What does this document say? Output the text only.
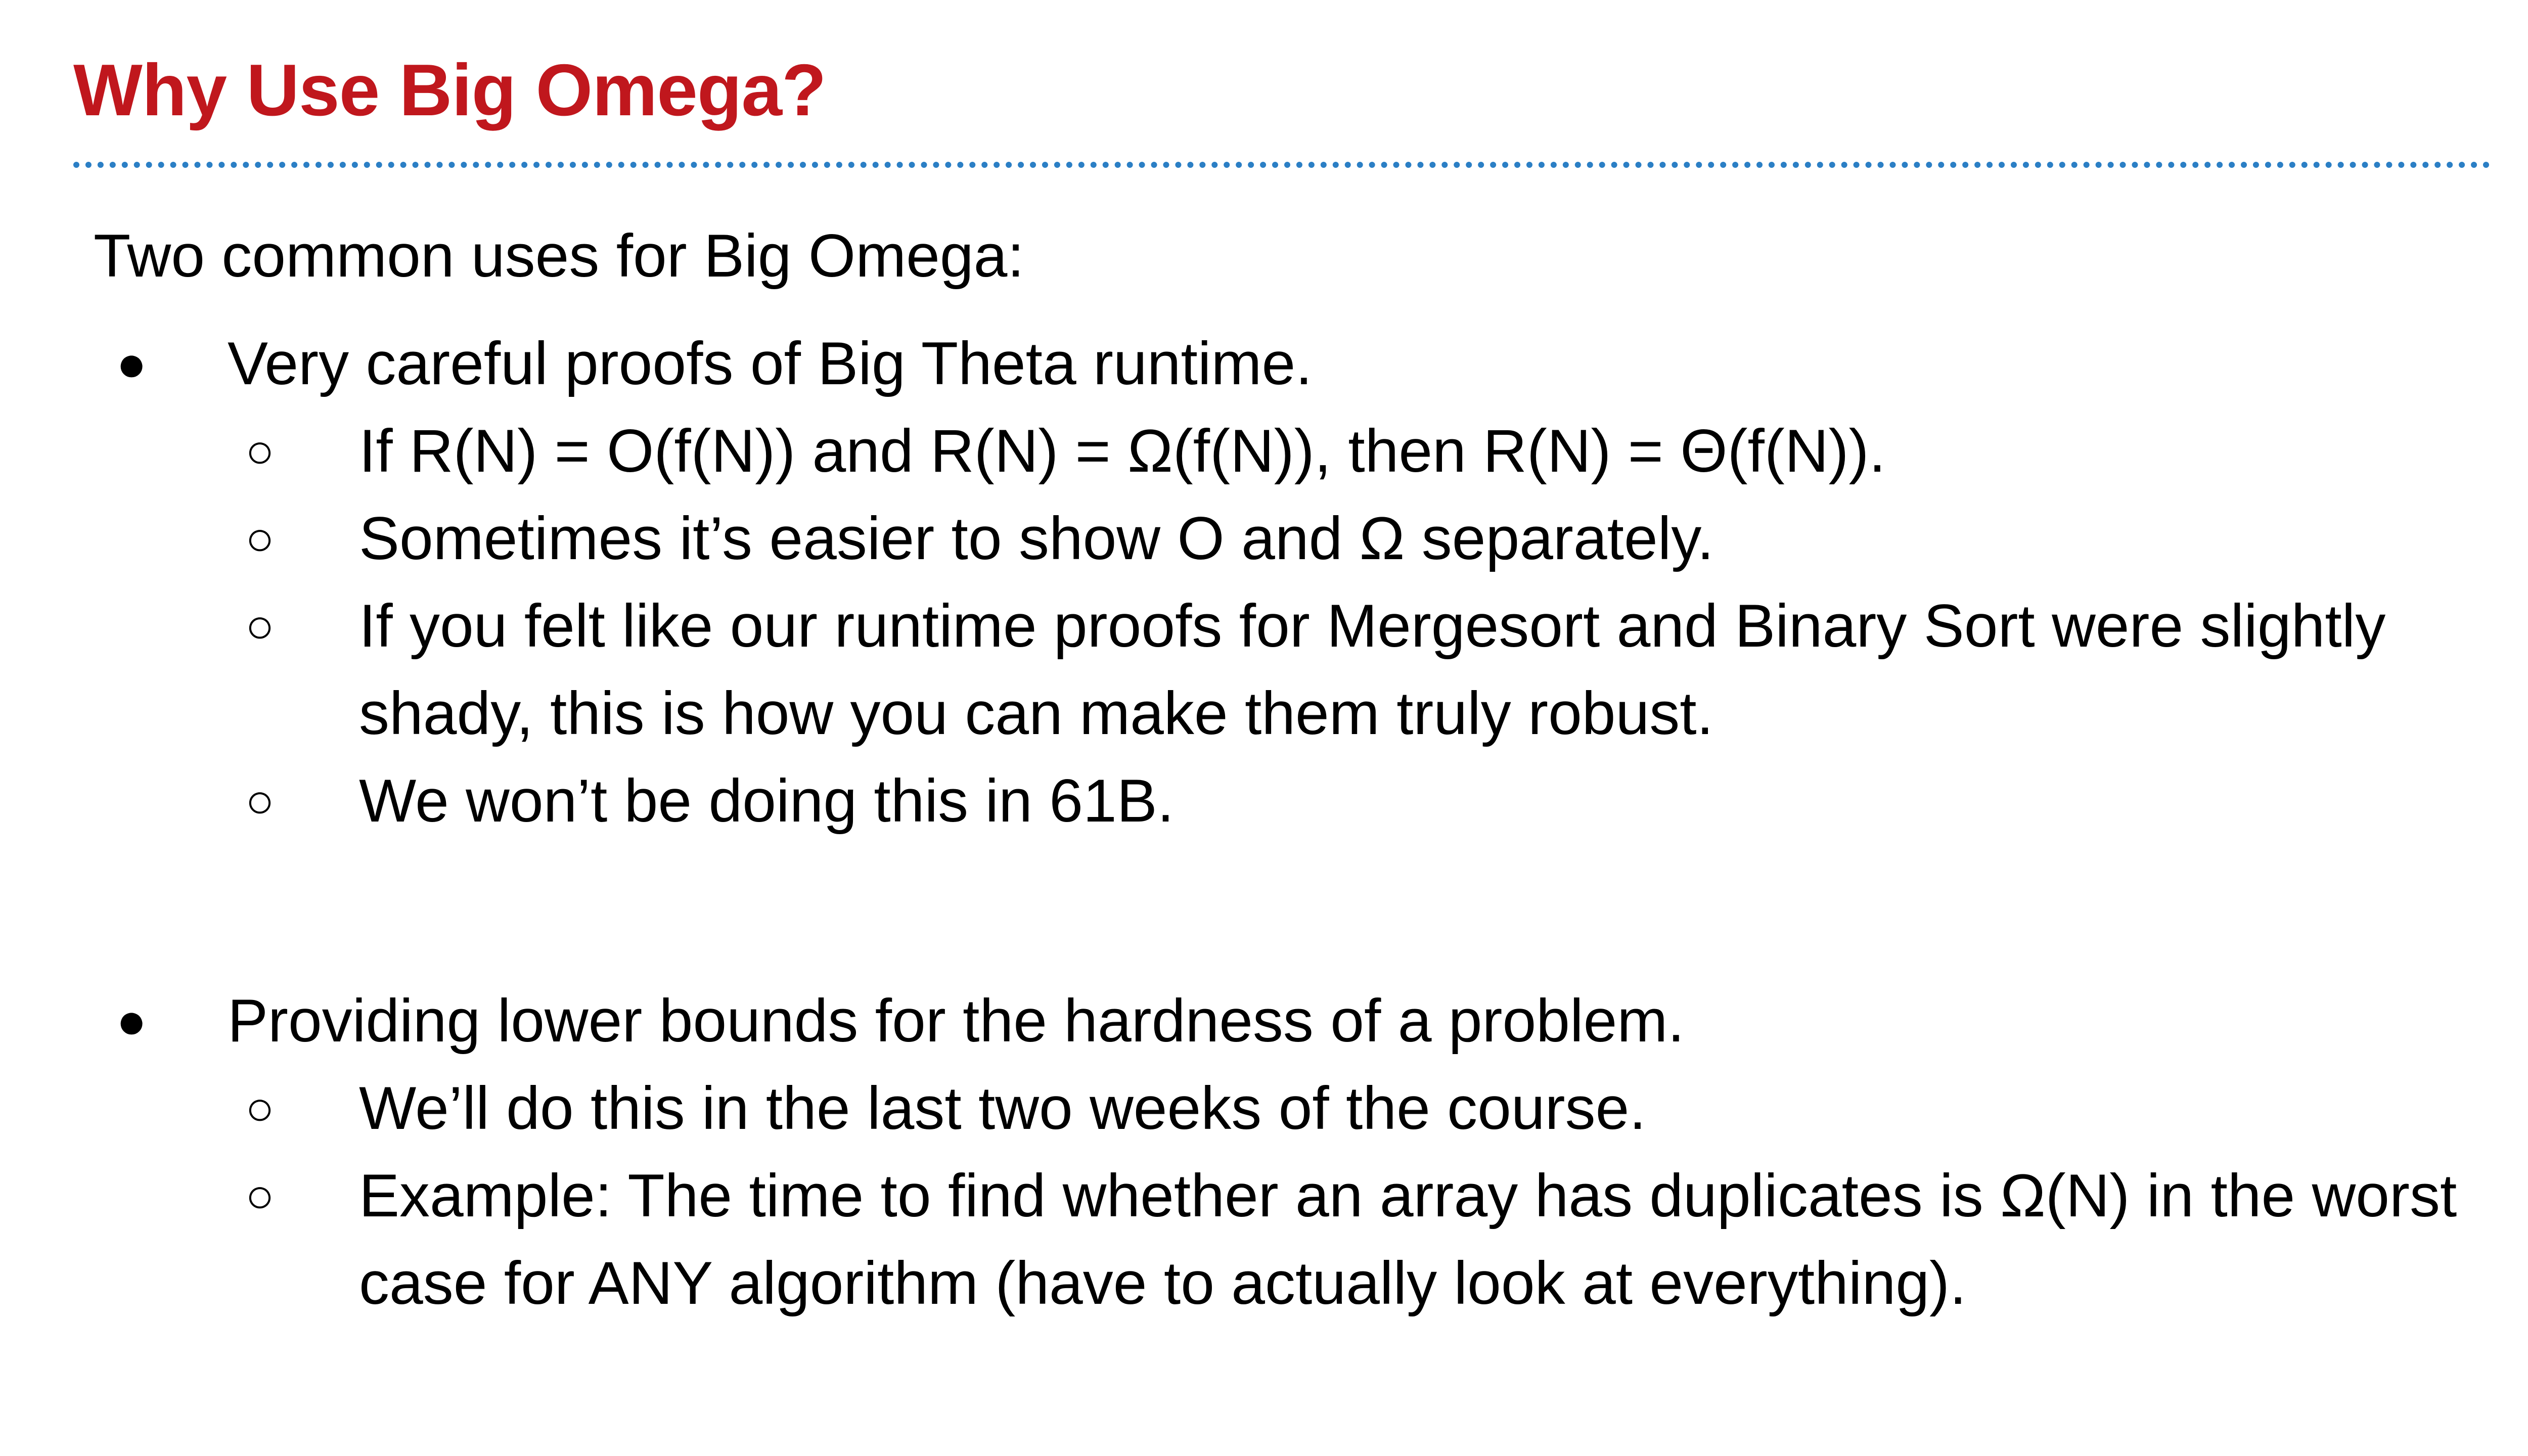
Why Use Big Omega?

Two common uses for Big Omega:

● Very careful proofs of Big Theta runtime.
○ If R(N) = O(f(N)) and R(N) = Ω(f(N)), then R(N) = Θ(f(N)).
○ Sometimes it’s easier to show O and Ω separately.
○ If you felt like our runtime proofs for Mergesort and Binary Sort were slightly shady, this is how you can make them truly robust.
○ We won’t be doing this in 61B.
● Providing lower bounds for the hardness of a problem.
○ We’ll do this in the last two weeks of the course.
○ Example: The time to find whether an array has duplicates is Ω(N) in the worst case for ANY algorithm (have to actually look at everything).
